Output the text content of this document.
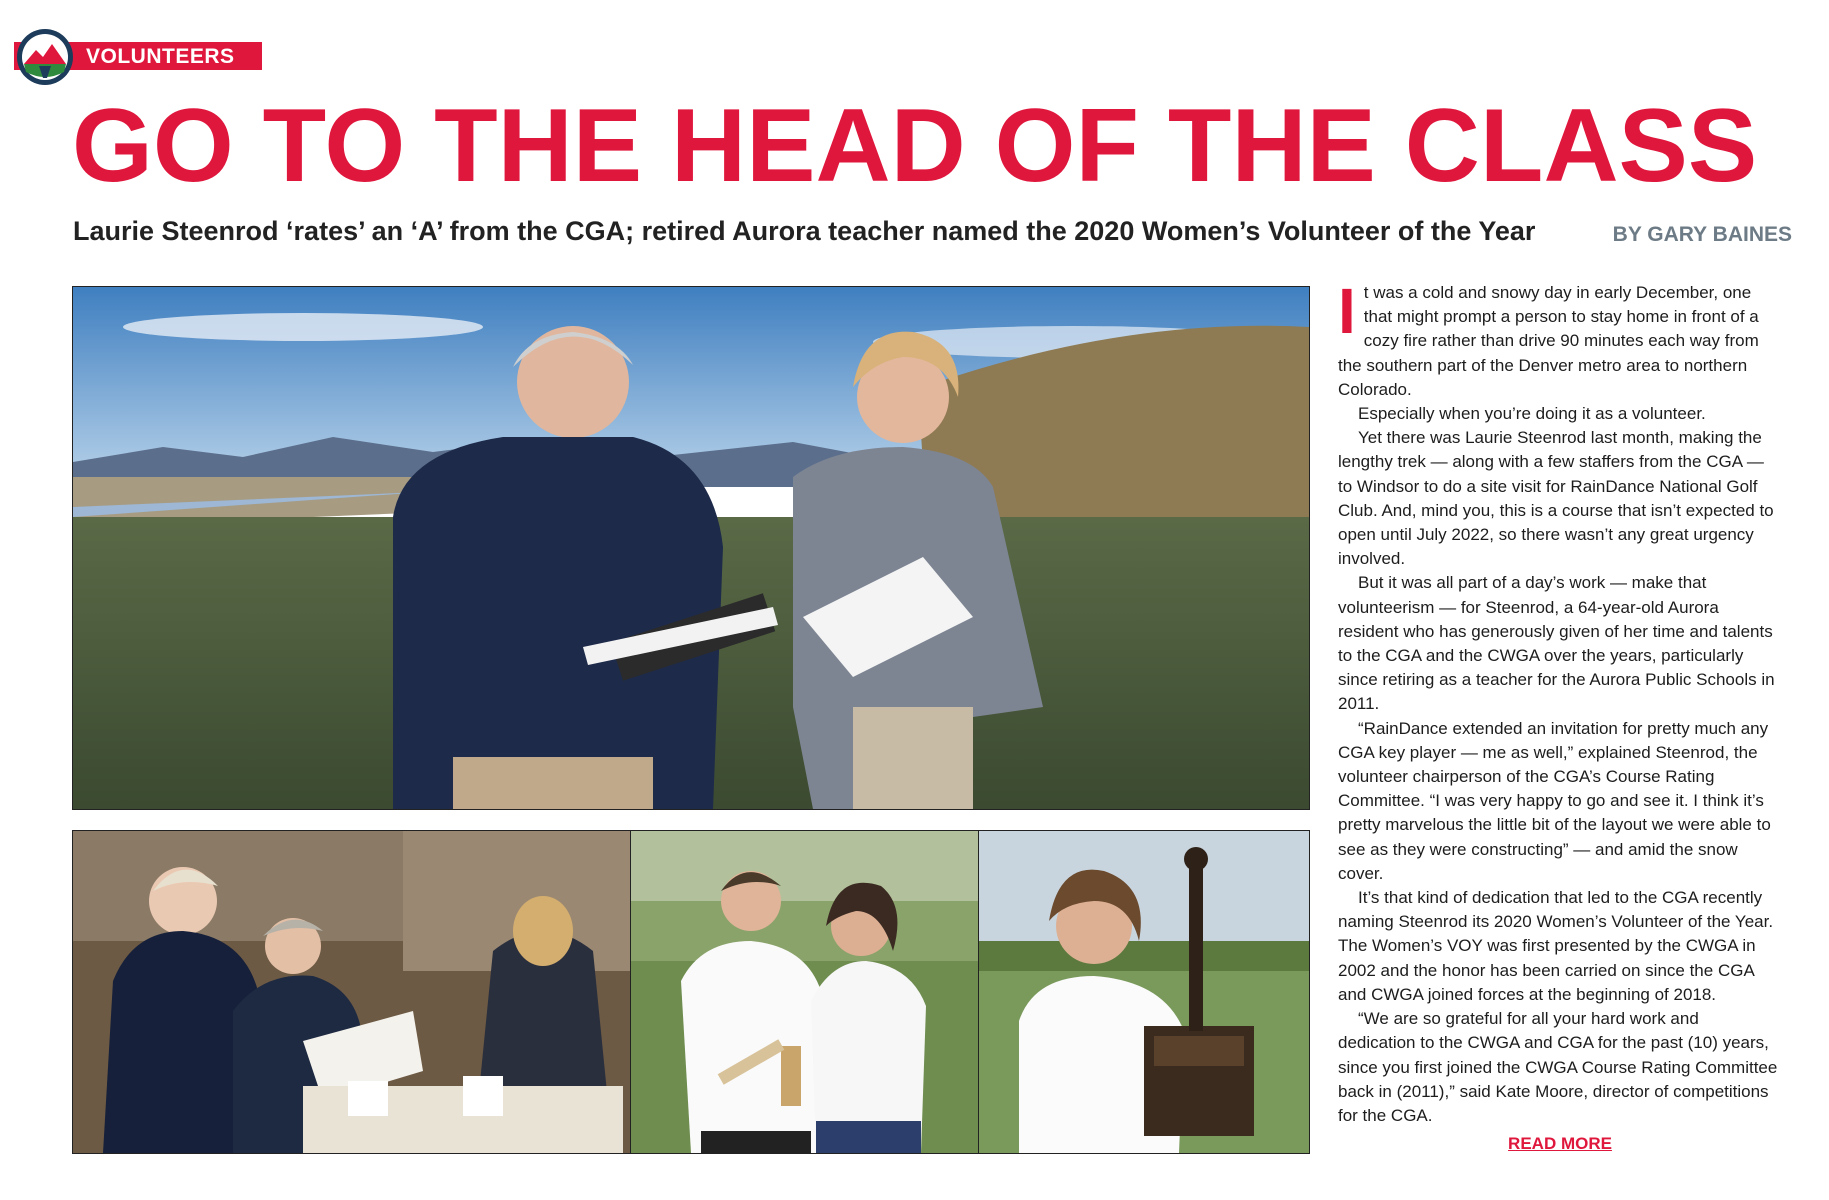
VOLUNTEERS
GO TO THE HEAD OF THE CLASS
Laurie Steenrod ‘rates’ an ‘A’ from the CGA; retired Aurora teacher named the 2020 Women’s Volunteer of the Year	BY GARY BAINES

It was a cold and snowy day in early December, one that might prompt a person to stay home in front of a cozy fire rather than drive 90 minutes each way from the southern part of the Denver metro area to northern Colorado.

Especially when you’re doing it as a volunteer.

Yet there was Laurie Steenrod last month, making the lengthy trek — along with a few staffers from the CGA — to Windsor to do a site visit for RainDance National Golf Club. And, mind you, this is a course that isn’t expected to open until July 2022, so there wasn’t any great urgency involved.

But it was all part of a day’s work — make that volunteerism — for Steenrod, a 64-year-old Aurora resident who has generously given of her time and talents to the CGA and the CWGA over the years, particularly since retiring as a teacher for the Aurora Public Schools in 2011.

“RainDance extended an invitation for pretty much any CGA key player — me as well,” explained Steenrod, the volunteer chairperson of the CGA’s Course Rating Committee. “I was very happy to go and see it. I think it’s pretty marvelous the little bit of the layout we were able to see as they were constructing” — and amid the snow cover.

It’s that kind of dedication that led to the CGA recently naming Steenrod its 2020 Women’s Volunteer of the Year. The Women’s VOY was first presented by the CWGA in 2002 and the honor has been carried on since the CGA and CWGA joined forces at the beginning of 2018.

“We are so grateful for all your hard work and dedication to the CWGA and CGA for the past (10) years, since you first joined the CWGA Course Rating Committee back in (2011),” said Kate Moore, director of competitions for the CGA.

READ MORE
